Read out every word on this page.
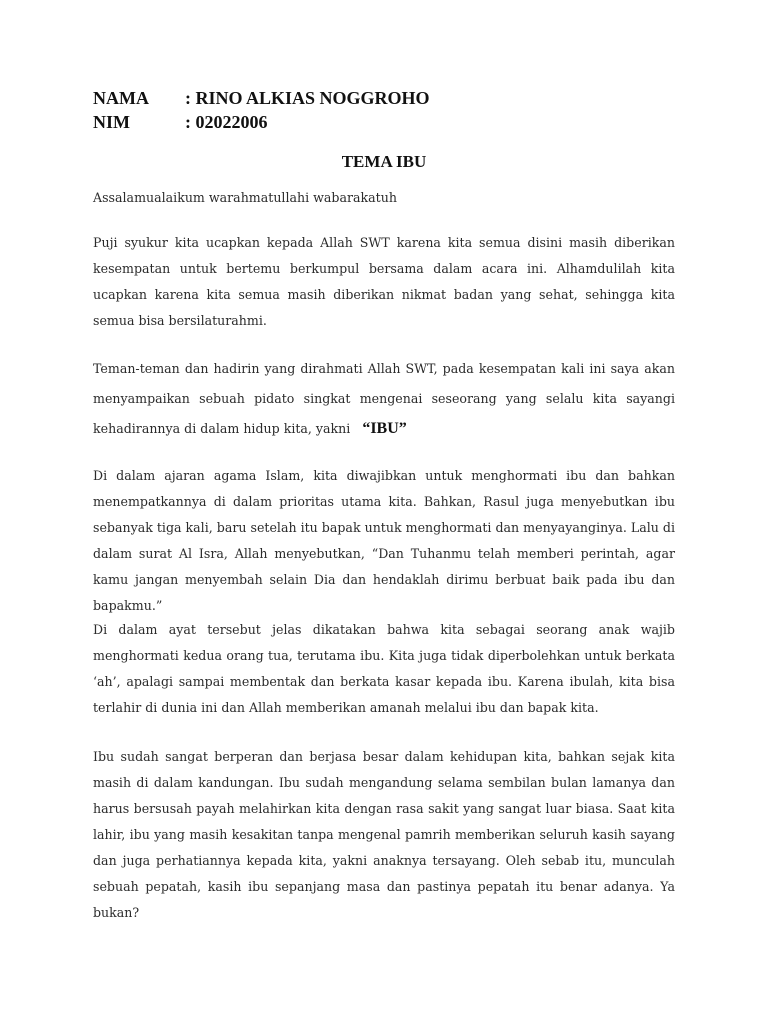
NAMA	: RINO ALKIAS NOGGROHO
NIM	: 02022006
TEMA IBU
Assalamualaikum warahmatullahi wabarakatuh

Puji syukur kita ucapkan kepada Allah SWT karena kita semua disini masih diberikan kesempatan untuk bertemu berkumpul bersama dalam acara ini. Alhamdulilah kita ucapkan karena kita semua masih diberikan nikmat badan yang sehat, sehingga kita semua bisa bersilaturahmi.

Teman-teman dan hadirin yang dirahmati Allah SWT, pada kesempatan kali ini saya akan menyampaikan sebuah pidato singkat mengenai seseorang yang selalu kita sayangi kehadirannya di dalam hidup kita, yakni “IBU”

Di dalam ajaran agama Islam, kita diwajibkan untuk menghormati ibu dan bahkan menempatkannya di dalam prioritas utama kita. Bahkan, Rasul juga menyebutkan ibu sebanyak tiga kali, baru setelah itu bapak untuk menghormati dan menyayanginya. Lalu di dalam surat Al Isra, Allah menyebutkan, “Dan Tuhanmu telah memberi perintah, agar kamu jangan menyembah selain Dia dan hendaklah dirimu berbuat baik pada ibu dan bapakmu.”

Di dalam ayat tersebut jelas dikatakan bahwa kita sebagai seorang anak wajib menghormati kedua orang tua, terutama ibu. Kita juga tidak diperbolehkan untuk berkata ‘ah’, apalagi sampai membentak dan berkata kasar kepada ibu. Karena ibulah, kita bisa terlahir di dunia ini dan Allah memberikan amanah melalui ibu dan bapak kita.

Ibu sudah sangat berperan dan berjasa besar dalam kehidupan kita, bahkan sejak kita masih di dalam kandungan. Ibu sudah mengandung selama sembilan bulan lamanya dan harus bersusah payah melahirkan kita dengan rasa sakit yang sangat luar biasa. Saat kita lahir, ibu yang masih kesakitan tanpa mengenal pamrih memberikan seluruh kasih sayang dan juga perhatiannya kepada kita, yakni anaknya tersayang. Oleh sebab itu, munculah sebuah pepatah, kasih ibu sepanjang masa dan pastinya pepatah itu benar adanya. Ya bukan?
